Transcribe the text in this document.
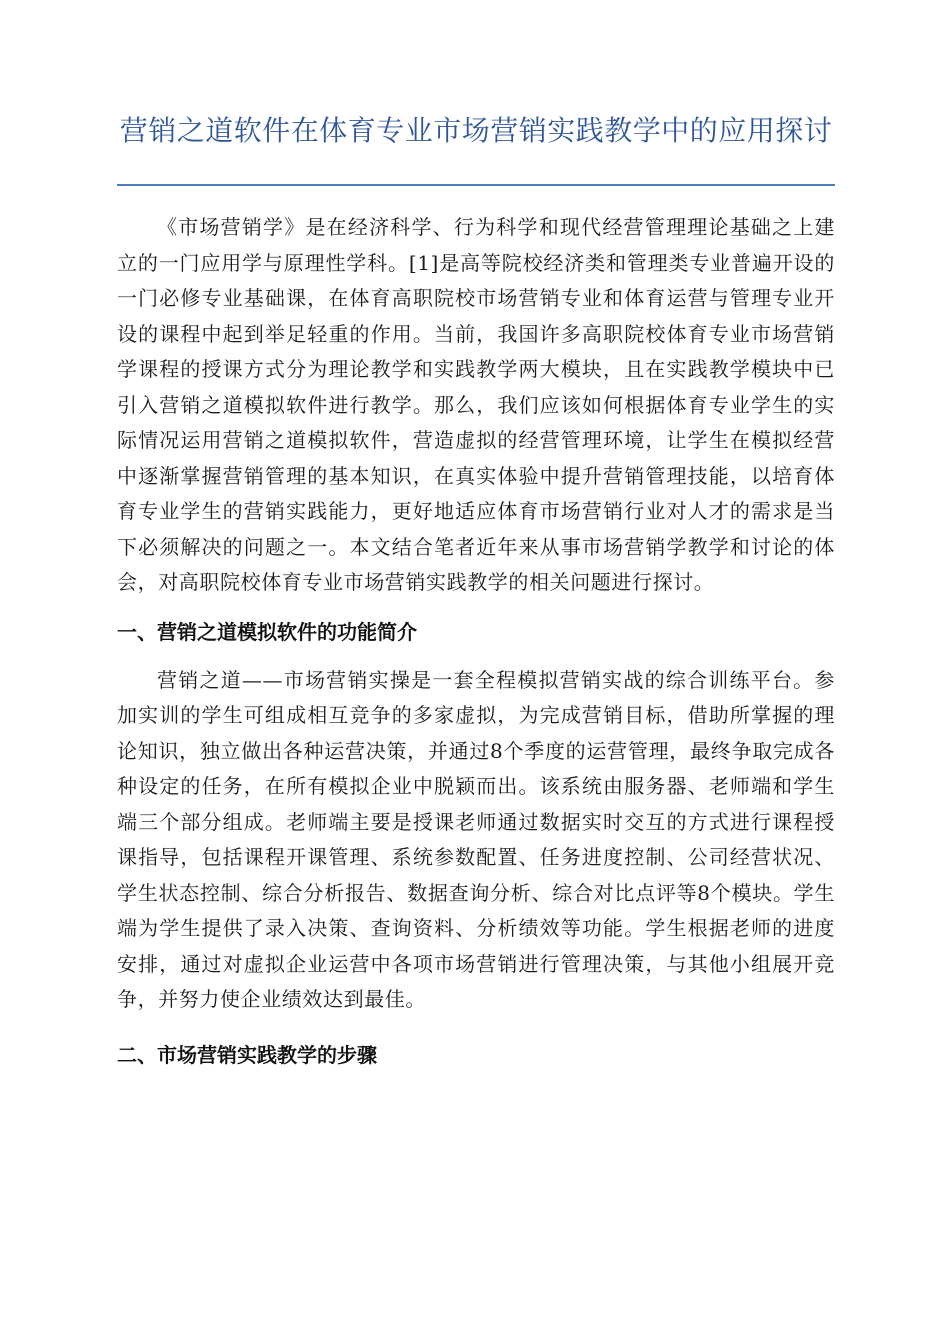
营销之道软件在体育专业市场营销实践教学中的应用探讨

《市场营销学》是在经济科学、行为科学和现代经营管理理论基础之上建立的一门应用学与原理性学科。[1]是高等院校经济类和管理类专业普遍开设的一门必修专业基础课，在体育高职院校市场营销专业和体育运营与管理专业开设的课程中起到举足轻重的作用。当前，我国许多高职院校体育专业市场营销学课程的授课方式分为理论教学和实践教学两大模块，且在实践教学模块中已引入营销之道模拟软件进行教学。那么，我们应该如何根据体育专业学生的实际情况运用营销之道模拟软件，营造虚拟的经营管理环境，让学生在模拟经营中逐渐掌握营销管理的基本知识，在真实体验中提升营销管理技能，以培育体育专业学生的营销实践能力，更好地适应体育市场营销行业对人才的需求是当下必须解决的问题之一。本文结合笔者近年来从事市场营销学教学和讨论的体会，对高职院校体育专业市场营销实践教学的相关问题进行探讨。

一、营销之道模拟软件的功能简介

营销之道——市场营销实操是一套全程模拟营销实战的综合训练平台。参加实训的学生可组成相互竞争的多家虚拟，为完成营销目标，借助所掌握的理论知识，独立做出各种运营决策，并通过8个季度的运营管理，最终争取完成各种设定的任务，在所有模拟企业中脱颖而出。该系统由服务器、老师端和学生端三个部分组成。老师端主要是授课老师通过数据实时交互的方式进行课程授课指导，包括课程开课管理、系统参数配置、任务进度控制、公司经营状况、学生状态控制、综合分析报告、数据查询分析、综合对比点评等8个模块。学生端为学生提供了录入决策、查询资料、分析绩效等功能。学生根据老师的进度安排，通过对虚拟企业运营中各项市场营销进行管理决策，与其他小组展开竞争，并努力使企业绩效达到最佳。

二、市场营销实践教学的步骤
